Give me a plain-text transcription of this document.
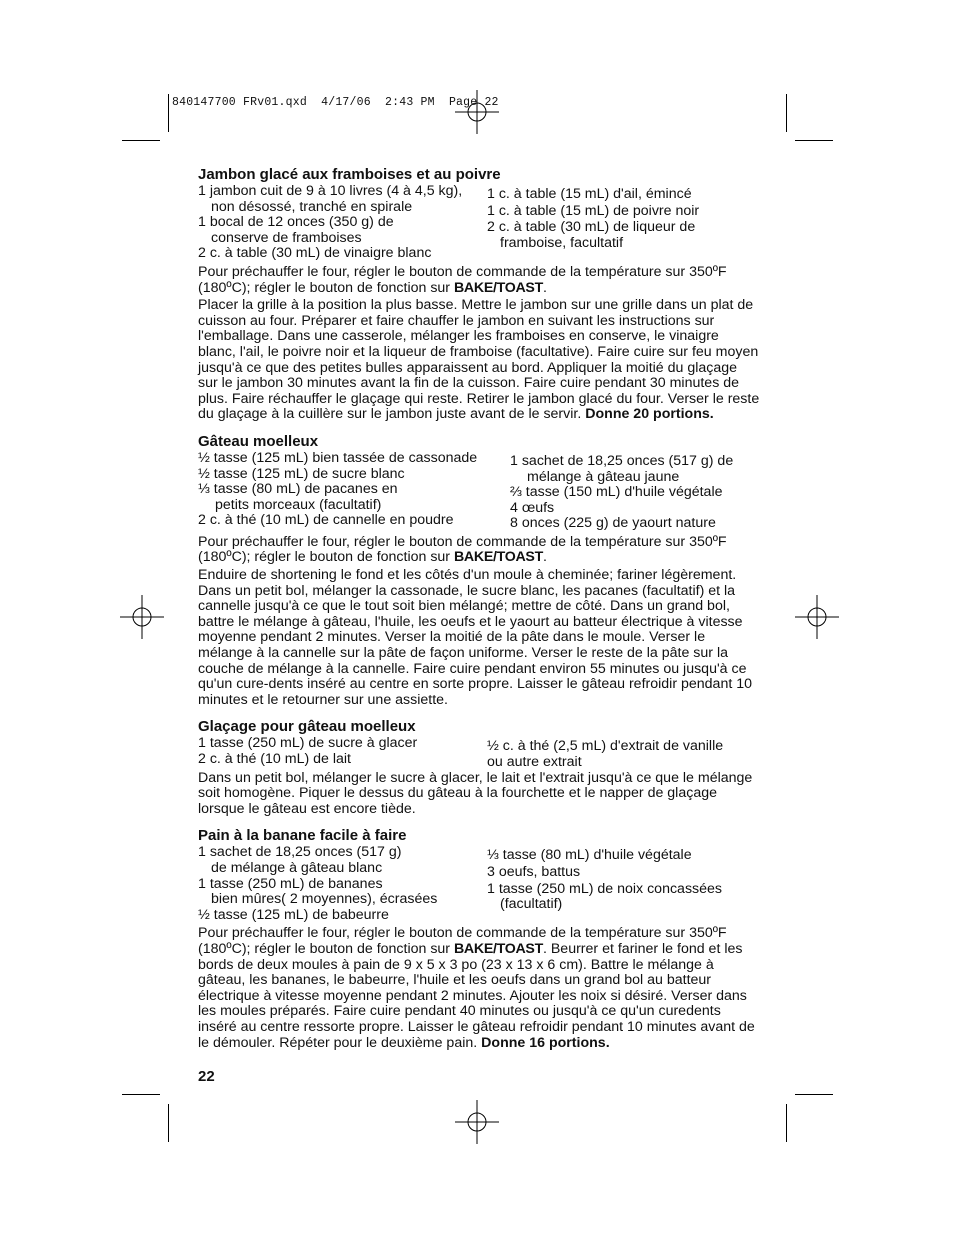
840147700 FRv01.qxd  4/17/06  2:43 PM  Page 22
Jambon glacé aux framboises et au poivre
1 jambon cuit de 9 à 10 livres (4 à 4,5 kg),
non désossé, tranché en spirale
1 bocal de 12 onces (350 g) de
conserve de framboises
2 c. à table (30 mL) de vinaigre blanc
1 c. à table (15 mL) d'ail, émincé
1 c. à table (15 mL) de poivre noir
2 c. à table (30 mL) de liqueur de
framboise, facultatif

Pour préchauffer le four, régler le bouton de commande de la température sur 350ºF (180ºC); régler le bouton de fonction sur BAKE/TOAST.

Placer la grille à la position la plus basse. Mettre le jambon sur une grille dans un plat de cuisson au four. Préparer et faire chauffer le jambon en suivant les instructions sur l'emballage. Dans une casserole, mélanger les framboises en conserve, le vinaigre blanc, l'ail, le poivre noir et la liqueur de framboise (facultative). Faire cuire sur feu moyen jusqu'à ce que des petites bulles apparaissent au bord. Appliquer la moitié du glaçage sur le jambon 30 minutes avant la fin de la cuisson. Faire cuire pendant 30 minutes de plus. Faire réchauffer le glaçage qui reste. Retirer le jambon glacé du four. Verser le reste du glaçage à la cuillère sur le jambon juste avant de le servir. Donne 20 portions.

Gâteau moelleux
½ tasse (125 mL) bien tassée de cassonade
½ tasse (125 mL) de sucre blanc
⅓ tasse (80 mL) de pacanes en
petits morceaux (facultatif)
2 c. à thé (10 mL) de cannelle en poudre
1 sachet de 18,25 onces (517 g) de
mélange à gâteau jaune
⅔ tasse (150 mL) d'huile végétale
4 œufs
8 onces (225 g) de yaourt nature

Pour préchauffer le four, régler le bouton de commande de la température sur 350ºF (180ºC); régler le bouton de fonction sur BAKE/TOAST.

Enduire de shortening le fond et les côtés d'un moule à cheminée; fariner légèrement. Dans un petit bol, mélanger la cassonade, le sucre blanc, les pacanes (facultatif) et la cannelle jusqu'à ce que le tout soit bien mélangé; mettre de côté. Dans un grand bol, battre le mélange à gâteau, l'huile, les oeufs et le yaourt au batteur électrique à vitesse moyenne pendant 2 minutes. Verser la moitié de la pâte dans le moule. Verser le mélange à la cannelle sur la pâte de façon uniforme. Verser le reste de la pâte sur la couche de mélange à la cannelle. Faire cuire pendant environ 55 minutes ou jusqu'à ce qu'un cure-dents inséré au centre en sorte propre. Laisser le gâteau refroidir pendant 10 minutes et le retourner sur une assiette.

Glaçage pour gâteau moelleux
1 tasse (250 mL) de sucre à glacer
2 c. à thé (10 mL) de lait
½ c. à thé (2,5 mL) d'extrait de vanille
ou autre extrait

Dans un petit bol, mélanger le sucre à glacer, le lait et l'extrait jusqu'à ce que le mélange soit homogène. Piquer le dessus du gâteau à la fourchette et le napper de glaçage lorsque le gâteau est encore tiède.

Pain à la banane facile à faire
1 sachet de 18,25 onces (517 g)
de mélange à gâteau blanc
1 tasse (250 mL) de bananes
bien mûres( 2 moyennes), écrasées
½ tasse (125 mL) de babeurre
⅓ tasse (80 mL) d'huile végétale
3 oeufs, battus
1 tasse (250 mL) de noix concassées
(facultatif)

Pour préchauffer le four, régler le bouton de commande de la température sur 350ºF (180ºC); régler le bouton de fonction sur BAKE/TOAST. Beurrer et fariner le fond et les bords de deux moules à pain de 9 x 5 x 3 po (23 x 13 x 6 cm). Battre le mélange à gâteau, les bananes, le babeurre, l'huile et les oeufs dans un grand bol au batteur électrique à vitesse moyenne pendant 2 minutes. Ajouter les noix si désiré. Verser dans les moules préparés. Faire cuire pendant 40 minutes ou jusqu'à ce qu'un curedents inséré au centre ressorte propre. Laisser le gâteau refroidir pendant 10 minutes avant de le démouler. Répéter pour le deuxième pain. Donne 16 portions.

22
